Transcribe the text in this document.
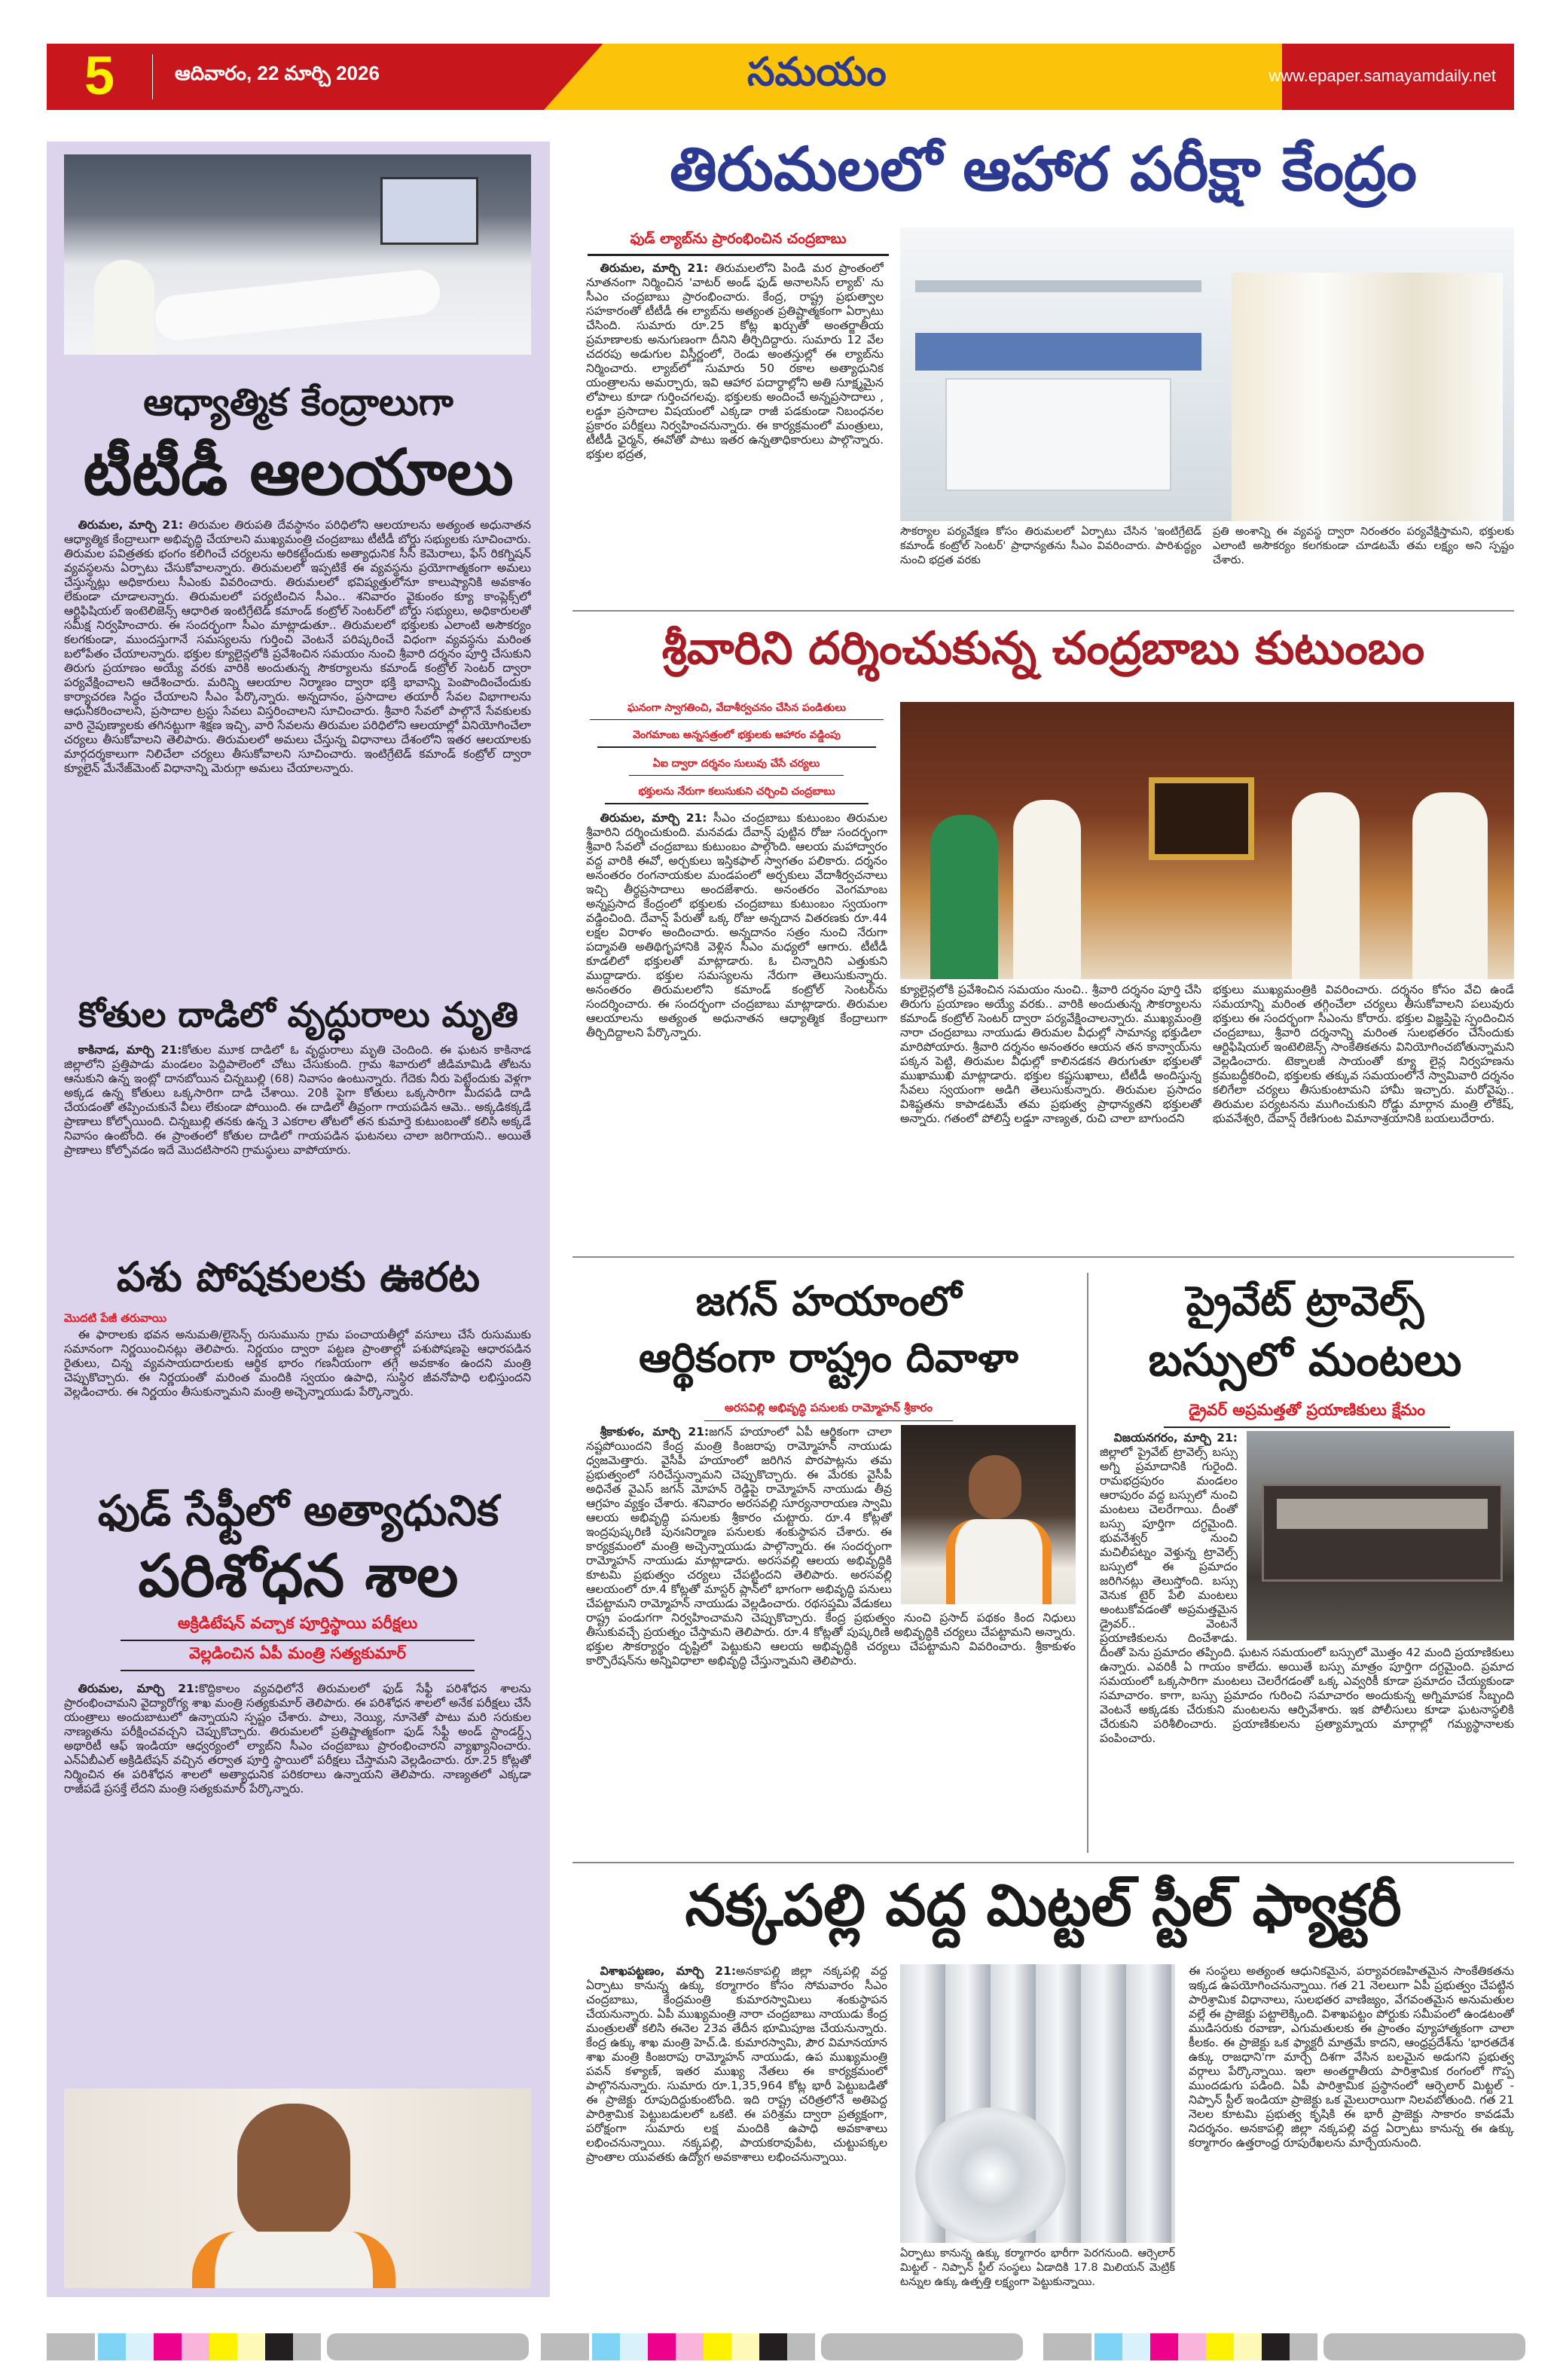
5	ఆదివారం, 22 మార్చి 2026	సమయం	www.epaper.samayamdaily.net
ఆధ్యాత్మిక కేంద్రాలుగా
టీటీడీ ఆలయాలు

తిరుమల, మార్చి 21: తిరుమల తిరుపతి దేవస్థానం పరిధిలోని ఆలయాలను అత్యంత అధునాతన ఆధ్యాత్మిక కేంద్రాలుగా అభివృద్ధి చేయాలని ముఖ్యమంత్రి చంద్రబాబు టీటీడీ బోర్డు సభ్యులకు సూచించారు. తిరుమల పవిత్రతకు భంగం కలిగించే చర్యలను అరికట్టేందుకు అత్యాధునిక సీసీ కెమెరాలు, ఫేస్ రికగ్నిషన్ వ్యవస్థలను ఏర్పాటు చేసుకోవాలన్నారు. తిరుమలలో ఇప్పటికే ఈ వ్యవస్థను ప్రయోగాత్మకంగా అమలు చేస్తున్నట్లు అధికారులు సీఎంకు వివరించారు. తిరుమలలో భవిష్యత్తులోనూ కాలుష్యానికి అవకాశం లేకుండా చూడాలన్నారు. తిరుమలలో పర్యటించిన సీఎం.. శనివారం వైకుంఠం క్యూ కాంప్లెక్స్‌లో ఆర్టిఫిషియల్ ఇంటెలిజెన్స్ ఆధారిత ఇంటిగ్రేటెడ్ కమాండ్ కంట్రోల్ సెంటర్‌లో బోర్డు సభ్యులు, అధికారులతో సమీక్ష నిర్వహించారు. ఈ సందర్భంగా సీఎం మాట్లాడుతూ.. తిరుమలలో భక్తులకు ఎలాంటి అసౌకర్యం కలగకుండా, ముందస్తుగానే సమస్యలను గుర్తించి వెంటనే పరిష్కరించే విధంగా వ్యవస్థను మరింత బలోపేతం చేయాలన్నారు. భక్తుల క్యూలైన్లలోకి ప్రవేశించిన సమయం నుంచి శ్రీవారి దర్శనం పూర్తి చేసుకుని తిరుగు ప్రయాణం అయ్యే వరకు వారికి అందుతున్న సౌకర్యాలను కమాండ్ కంట్రోల్ సెంటర్ ద్వారా పర్యవేక్షించాలని ఆదేశించారు. మరిన్ని ఆలయాల నిర్మాణం ద్వారా భక్తి భావాన్ని పెంపొందించేందుకు కార్యాచరణ సిద్ధం చేయాలని సీఎం పేర్కొన్నారు. అన్నదానం, ప్రసాదాల తయారీ సేవల విభాగాలను ఆధునీకరించాలని, ప్రసాదాల ట్రస్టు సేవలు విస్తరించాలని సూచించారు. శ్రీవారి సేవలో పాల్గొనే సేవకులకు వారి నైపుణ్యాలకు తగినట్టుగా శిక్షణ ఇచ్చి, వారి సేవలను తిరుమల పరిధిలోని ఆలయాల్లో వినియోగించేలా చర్యలు తీసుకోవాలని తెలిపారు. తిరుమలలో అమలు చేస్తున్న విధానాలు దేశంలోని ఇతర ఆలయాలకు మార్గదర్శకాలుగా నిలిచేలా చర్యలు తీసుకోవాలని సూచించారు. ఇంటిగ్రేటెడ్ కమాండ్ కంట్రోల్ ద్వారా క్యూలైన్ మేనేజ్‌మెంట్ విధానాన్ని మెరుగ్గా అమలు చేయాలన్నారు.

కోతుల దాడిలో వృద్ధురాలు మృతి

కాకినాడ, మార్చి 21:కోతుల మూక దాడిలో ఓ వృద్ధురాలు మృతి చెందింది. ఈ ఘటన కాకినాడ జిల్లాలోని ప్రత్తిపాడు మండలం పెద్దిపాలెంలో చోటు చేసుకుంది. గ్రామ శివారులో జీడిమామిడి తోటను ఆనుకుని ఉన్న ఇంట్లో దానబోయిన చిన్నబుల్లి (68) నివాసం ఉంటున్నారు. గేదెకు నీరు పెట్టేందుకు వెళ్లగా అక్కడ ఉన్న కోతులు ఒక్కసారిగా దాడి చేశాయి. 20కి పైగా కోతులు ఒక్కసారిగా మీదపడి దాడి చేయడంతో తప్పించుకునే వీలు లేకుండా పోయింది. ఈ దాడిలో తీవ్రంగా గాయపడిన ఆమె.. అక్కడికక్కడే ప్రాణాలు కోల్పోయింది. చిన్నబుల్లి తనకు ఉన్న 3 ఎకరాల తోటలో తన కుమార్తె కుటుంబంతో కలిసి అక్కడే నివాసం ఉంటోంది. ఈ ప్రాంతంలో కోతుల దాడిలో గాయపడిన ఘటనలు చాలా జరిగాయని.. అయితే ప్రాణాలు కోల్పోవడం ఇదే మొదటిసారని గ్రామస్థులు వాపోయారు.

పశు పోషకులకు ఊరట
మొదటి పేజీ తరువాయి

ఈ ఫారాలకు భవన అనుమతి/లైసెన్స్ రుసుమును గ్రామ పంచాయతీల్లో వసూలు చేసే రుసుముకు సమానంగా నిర్ణయించినట్లు తెలిపారు. నిర్ణయం ద్వారా పట్టణ ప్రాంతాల్లో పశుపోషణపై ఆధారపడిన రైతులు, చిన్న వ్యవసాయదారులకు ఆర్థిక భారం గణనీయంగా తగ్గే అవకాశం ఉందని మంత్రి చెప్పుకొచ్చారు. ఈ నిర్ణయంతో మరింత మందికి స్వయం ఉపాధి, సుస్థిర జీవనోపాధి లభిస్తుందని వెల్లడించారు. ఈ నిర్ణయం తీసుకున్నామని మంత్రి అచ్చెన్నాయుడు పేర్కొన్నారు.

ఫుడ్ సేఫ్టీలో అత్యాధునిక
పరిశోధన శాల
అక్రిడిటేషన్ వచ్చాక పూర్తిస్థాయి పరీక్షలు
వెల్లడించిన ఏపీ మంత్రి సత్యకుమార్

తిరుమల, మార్చి 21:కొద్దికాలం వ్యవధిలోనే తిరుమలలో ఫుడ్ సేఫ్టీ పరిశోధన శాలను ప్రారంభించామని వైద్యారోగ్య శాఖ మంత్రి సత్యకుమార్ తెలిపారు. ఈ పరిశోధన శాలలో అనేక పరీక్షలు చేసే యంత్రాలు అందుబాటులో ఉన్నాయని స్పష్టం చేశారు. పాలు, నెయ్యి, నూనెతో పాటు మరి సరుకుల నాణ్యతను పరీక్షించవచ్చని చెప్పుకొచ్చారు. తిరుమలలో ప్రతిష్టాత్మకంగా ఫుడ్ సేఫ్టీ అండ్ స్టాండర్డ్స్ అథారిటీ ఆఫ్ ఇండియా ఆధ్వర్యంలో ల్యాబ్‌ని సీఎం చంద్రబాబు ప్రారంభించారని వ్యాఖ్యానించారు. ఎన్ఏబీఎల్ అక్రిడిటేషన్ వచ్చిన తర్వాత పూర్తి స్థాయిలో పరీక్షలు చేస్తామని వెల్లడించారు. రూ.25 కోట్లతో నిర్మించిన ఈ పరిశోధన శాలలో అత్యాధునిక పరికరాలు ఉన్నాయని తెలిపారు. నాణ్యతలో ఎక్కడా రాజీపడే ప్రసక్తే లేదని మంత్రి సత్యకుమార్ పేర్కొన్నారు.

తిరుమలలో ఆహార పరీక్షా కేంద్రం
ఫుడ్ ల్యాబ్‌ను ప్రారంభించిన చంద్రబాబు

తిరుమల, మార్చి 21: తిరుమలలోని పిండి మర ప్రాంతంలో నూతనంగా నిర్మించిన 'వాటర్ అండ్ ఫుడ్ అనాలసిస్ ల్యాబ్' ను సీఎం చంద్రబాబు ప్రారంభించారు. కేంద్ర, రాష్ట్ర ప్రభుత్వాల సహకారంతో టీటీడీ ఈ ల్యాబ్‌ను అత్యంత ప్రతిష్టాత్మకంగా ఏర్పాటు చేసింది. సుమారు రూ.25 కోట్ల ఖర్చుతో అంతర్జాతీయ ప్రమాణాలకు అనుగుణంగా దీనిని తీర్చిదిద్దారు. సుమారు 12 వేల చదరపు అడుగుల విస్తీర్ణంలో, రెండు అంతస్తుల్లో ఈ ల్యాబ్‌ను నిర్మించారు. ల్యాబ్‌లో సుమారు 50 రకాల అత్యాధునిక యంత్రాలను అమర్చారు, ఇవి ఆహార పదార్థాల్లోని అతి సూక్ష్మమైన లోపాలు కూడా గుర్తించగలవు. భక్తులకు అందించే అన్నప్రసాదాలు , లడ్డూ ప్రసాదాల విషయంలో ఎక్కడా రాజీ పడకుండా నిబంధనల ప్రకారం పరీక్షలు నిర్వహించనున్నారు. ఈ కార్యక్రమంలో మంత్రులు, టీటీడీ ఛైర్మన్, ఈవోతో పాటు ఇతర ఉన్నతాధికారులు పాల్గొన్నారు. భక్తుల భద్రత,

సౌకర్యాల పర్యవేక్షణ కోసం తిరుమలలో ఏర్పాటు చేసిన 'ఇంటిగ్రేటెడ్ కమాండ్ కంట్రోల్ సెంటర్' ప్రాధాన్యతను సీఎం వివరించారు. పారిశుద్ధ్యం నుంచి భద్రత వరకు

ప్రతి అంశాన్ని ఈ వ్యవస్థ ద్వారా నిరంతరం పర్యవేక్షిస్తామని, భక్తులకు ఎలాంటి అసౌకర్యం కలగకుండా చూడటమే తమ లక్ష్యం అని స్పష్టం చేశారు.

శ్రీవారిని దర్శించుకున్న చంద్రబాబు కుటుంబం
ఘనంగా స్వాగతించి, వేదాశీర్వచనం చేసిన పండితులు
వెంగమాంబ అన్నసత్రంలో భక్తులకు ఆహారం వడ్డింపు
ఏఐ ద్వారా దర్శనం సులువు చేసే చర్యలు
భక్తులను నేరుగా కలుసుకుని చర్చించి చంద్రబాబు

తిరుమల, మార్చి 21: సీఎం చంద్రబాబు కుటుంబం తిరుమల శ్రీవారిని దర్శించుకుంది. మనవడు దేవాన్ష్ పుట్టిన రోజు సందర్భంగా శ్రీవారి సేవలో చంద్రబాబు కుటుంబం పాల్గొంది. ఆలయ మహాద్వారం వద్ద వారికి ఈవో, అర్చకులు ఇస్తికఫాల్ స్వాగతం పలికారు. దర్శనం అనంతరం రంగనాయకుల మండపంలో అర్చకులు వేదాశీర్వచనాలు ఇచ్చి తీర్థప్రసాదాలు అందజేశారు. అనంతరం వెంగమాంబ అన్నప్రసాద కేంద్రంలో భక్తులకు చంద్రబాబు కుటుంబం స్వయంగా వడ్డించింది. దేవాన్ష్ పేరుతో ఒక్క రోజు అన్నదాన వితరణకు రూ.44 లక్షల విరాళం అందించారు. అన్నదానం సత్రం నుంచి నేరుగా పద్మావతి అతిథిగృహానికి వెళ్లిన సీఎం మధ్యలో ఆగారు. టీటీడీ కూడలిలో భక్తులతో మాట్లాడారు. ఓ చిన్నారిని ఎత్తుకుని ముద్దాడారు. భక్తుల సమస్యలను నేరుగా తెలుసుకున్నారు. అనంతరం తిరుమలలోని కమాండ్ కంట్రోల్ సెంటర్‌ను సందర్శించారు. ఈ సందర్భంగా చంద్రబాబు మాట్లాడారు. తిరుమల ఆలయాలను అత్యంత అధునాతన ఆధ్యాత్మిక కేంద్రాలుగా తీర్చిదిద్దాలని పేర్కొన్నారు.

క్యూలైన్లలోకి ప్రవేశించిన సమయం నుంచి.. శ్రీవారి దర్శనం పూర్తి చేసి తిరుగు ప్రయాణం అయ్యే వరకు.. వారికి అందుతున్న సౌకర్యాలను కమాండ్ కంట్రోల్ సెంటర్ ద్వారా పర్యవేక్షించాలన్నారు. ముఖ్యమంత్రి నారా చంద్రబాబు నాయుడు తిరుమల వీధుల్లో సామాన్య భక్తుడిలా మారిపోయారు. శ్రీవారి దర్శనం అనంతరం ఆయన తన కాన్వాయ్‌ను పక్కన పెట్టి, తిరుమల వీధుల్లో కాలినడకన తిరుగుతూ భక్తులతో ముఖాముఖి మాట్లాడారు. భక్తుల కష్టసుఖాలు, టీటీడీ అందిస్తున్న సేవలు స్వయంగా అడిగి తెలుసుకున్నారు. తిరుమల ప్రసాదం విశిష్టతను కాపాడటమే తమ ప్రభుత్వ ప్రాధాన్యతని భక్తులతో అన్నారు. గతంలో పోలిస్తే లడ్డూ నాణ్యత, రుచి చాలా బాగుందని

భక్తులు ముఖ్యమంత్రికి వివరించారు. దర్శనం కోసం వేచి ఉండే సమయాన్ని మరింత తగ్గించేలా చర్యలు తీసుకోవాలని పలువురు భక్తులు ఈ సందర్భంగా సీఎంను కోరారు. భక్తుల విజ్ఞప్తిపై స్పందించిన చంద్రబాబు, శ్రీవారి దర్శనాన్ని మరింత సులభతరం చేసేందుకు ఆర్టిఫిషియల్ ఇంటెలిజెన్స్ సాంకేతికతను వినియోగించబోతున్నామని వెల్లడించారు. టెక్నాలజీ సాయంతో క్యూ లైన్ల నిర్వహణను క్రమబద్ధీకరించి, భక్తులకు తక్కువ సమయంలోనే స్వామివారి దర్శనం కలిగేలా చర్యలు తీసుకుంటామని హామీ ఇచ్చారు. మరోవైపు.. తిరుమల పర్యటనను ముగించుకుని రోడ్డు మార్గాన మంత్రి లోకేష్, భువనేశ్వరి, దేవాన్ష్ రేణిగుంట విమానాశ్రయానికి బయలుదేరారు.

జగన్ హయాంలో
ఆర్థికంగా రాష్ట్రం దివాళా
అరసవిల్లి అభివృద్ధి పనులకు రామ్మోహన్ శ్రీకారం

శ్రీకాకుళం, మార్చి 21:జగన్ హయాంలో ఏపీ ఆర్థికంగా చాలా నష్టపోయిందని కేంద్ర మంత్రి కింజరాపు రామ్మోహన్ నాయుడు ధ్వజమెత్తారు. వైసీపీ హయాంలో జరిగిన పొరపాట్లను తమ ప్రభుత్వంలో సరిచేస్తున్నామని చెప్పుకొచ్చారు. ఈ మేరకు వైసీపీ అధినేత వైఎస్ జగన్ మోహన్ రెడ్డిపై రామ్మోహన్ నాయుడు తీవ్ర ఆగ్రహం వ్యక్తం చేశారు. శనివారం అరసవల్లి సూర్యనారాయణ స్వామి ఆలయ అభివృద్ధి పనులకు శ్రీకారం చుట్టారు. రూ.4 కోట్లతో ఇంద్రపుష్కరిణి పునఃనిర్మాణ పనులకు శంకుస్థాపన చేశారు. ఈ కార్యక్రమంలో మంత్రి అచ్చెన్నాయుడు పాల్గొన్నారు. ఈ సందర్భంగా రామ్మోహన్ నాయుడు మాట్లాడారు. అరసవల్లి ఆలయ అభివృద్ధికి కూటమి ప్రభుత్వం చర్యలు చేపట్టిందని తెలిపారు. అరసవల్లి ఆలయంలో రూ.4 కోట్లతో మాస్టర్ ప్లాన్‌లో భాగంగా అభివృద్ధి పనులు చేపట్టామని రామ్మోహన్ నాయుడు వెల్లడించారు. రథసప్తమి వేడుకలు రాష్ట్ర పండుగగా నిర్వహించామని చెప్పుకొచ్చారు. కేంద్ర ప్రభుత్వం నుంచి ప్రసాద్ పథకం కింద నిధులు తీసుకువచ్చే ప్రయత్నం చేస్తామని తెలిపారు. రూ.4 కోట్లతో పుష్కరిణి అభివృద్ధికి చర్యలు చేపట్టామని అన్నారు. భక్తుల సౌకర్యార్థం దృష్టిలో పెట్టుకుని ఆలయ అభివృద్ధికి చర్యలు చేపట్టామని వివరించారు. శ్రీకాకుళం కార్పొరేషన్‌ను అన్నివిధాలా అభివృద్ధి చేస్తున్నామని తెలిపారు.

ప్రైవేట్ ట్రావెల్స్
బస్సులో మంటలు
డ్రైవర్ అప్రమత్తతో ప్రయాణికులు క్షేమం

విజయనగరం, మార్చి 21: జిల్లాలో ప్రైవేట్ ట్రావెల్స్ బస్సు అగ్ని ప్రమాదానికి గురైంది. రామభద్రపురం మండలం ఆరాపురం వద్ద బస్సులో నుంచి మంటలు చెలరేగాయి. దీంతో బస్సు పూర్తిగా దగ్ధమైంది. భువనేశ్వర్ నుంచి మచిలీపట్నం వెళ్తున్న ట్రావెల్స్ బస్సులో ఈ ప్రమాదం జరిగినట్లు తెలుస్తోంది. బస్సు వెనుక టైర్ పేలి మంటలు అంటుకోవడంతో అప్రమత్తమైన డ్రైవర్.. వెంటనే ప్రయాణికులను దించేశాడు. దీంతో పెను ప్రమాదం తప్పింది. ఘటన సమయంలో బస్సులో మొత్తం 42 మంది ప్రయాణికులు ఉన్నారు. ఎవరికీ ఏ గాయం కాలేదు. అయితే బస్సు మాత్రం పూర్తిగా దగ్ధమైంది. ప్రమాద సమయంలో ఒక్కసారిగా మంటలు చెలరేగడంతో ఒక్క ఎవ్వరికీ కూడా ప్రమాదం చేయ్యకుండా సమాచారం. కాగా, బస్సు ప్రమాదం గురించి సమాచారం అందుకున్న అగ్నిమాపక సిబ్బంది వెంటనే అక్కడకు చేరుకుని మంటలను ఆర్పివేశారు. ఇక పోలీసులు కూడా ఘటనాస్థలికి చేరుకుని పరిశీలించారు. ప్రయాణికులను ప్రత్యామ్నాయ మార్గాల్లో గమ్యస్థానాలకు పంపించారు.

నక్కపల్లి వద్ద మిట్టల్ స్టీల్ ఫ్యాక్టరీ

విశాఖపట్టణం, మార్చి 21:అనకాపల్లి జిల్లా నక్కపల్లి వద్ద ఏర్పాటు కానున్న ఉక్కు కర్మాగారం కోసం సోమవారం సీఎం చంద్రబాబు, కేంద్రమంత్రి కుమారస్వామిలు శంకుస్థాపన చేయనున్నారు. ఏపీ ముఖ్యమంత్రి నారా చంద్రబాబు నాయుడు కేంద్ర మంత్రులతో కలిసి ఈనెల 23వ తేదీన భూమిపూజ చేయనున్నారు. కేంద్ర ఉక్కు శాఖ మంత్రి హెచ్.డి. కుమారస్వామి, పౌర విమానయాన శాఖ మంత్రి కింజరాపు రామ్మోహన్ నాయుడు, ఉప ముఖ్యమంత్రి పవన్ కళ్యాణ్, ఇతర ముఖ్య నేతలు ఈ కార్యక్రమంలో పాల్గొననున్నారు. సుమారు రూ.1,35,964 కోట్ల భారీ పెట్టుబడితో ఈ ప్రాజెక్టు రూపుదిద్దుకుంటోంది. ఇది రాష్ట్ర చరిత్రలోనే అతిపెద్ద పారిశ్రామిక పెట్టుబడులలో ఒకటి. ఈ పరిశ్రమ ద్వారా ప్రత్యక్షంగా, పరోక్షంగా సుమారు లక్ష మందికి ఉపాధి అవకాశాలు లభించనున్నాయి. నక్కపల్లి, పాయకరావుపేట, చుట్టుపక్కల ప్రాంతాల యువతకు ఉద్యోగ అవకాశాలు లభించనున్నాయి.

ఏర్పాటు కానున్న ఉక్కు కర్మాగారం భారీగా పెరగనుంది. ఆర్సెలార్ మిట్టల్ - నిప్పాన్ స్టీల్ సంస్థలు ఏడాదికి 17.8 మిలియన్ మెట్రిక్ టన్నుల ఉక్కు ఉత్పత్తి లక్ష్యంగా పెట్టుకున్నాయి.

ఈ సంస్థలు అత్యంత ఆధునికమైన, పర్యావరణహితమైన సాంకేతికతను ఇక్కడ ఉపయోగించనున్నాయి. గత 21 నెలలుగా ఏపీ ప్రభుత్వం చేపట్టిన పారిశ్రామిక విధానాలు, సులభతర వాణిజ్యం, వేగవంతమైన అనుమతుల వల్లే ఈ ప్రాజెక్టు పట్టాలెక్కింది. విశాఖపట్టం పోర్టుకు సమీపంలో ఉండటంతో ముడిసరుకు రవాణా, ఎగుమతులకు ఈ ప్రాంతం వ్యూహాత్మకంగా చాలా కీలకం. ఈ ప్రాజెక్టు ఒక ఫ్యాక్టరీ మాత్రమే కాదని, ఆంధ్రప్రదేశ్‌ను 'భారతదేశ ఉక్కు రాజధాని'గా మార్చే దిశగా వేసిన బలమైన అడుగని ప్రభుత్వ వర్గాలు పేర్కొన్నాయి. ఇలా అంతర్జాతీయ పారిశ్రామిక రంగంలో గొప్ప ముందడుగు పడింది. ఏపీ పారిశ్రామిక ప్రస్థానంలో ఆర్సెలార్ మిట్టల్ - నిప్పాన్ స్టీల్ ఇండియా ప్రాజెక్టు ఒక మైలురాయిగా నిలవబోతుంది. గత 21 నెలల కూటమి ప్రభుత్వ కృషికి ఈ భారీ ప్రాజెక్టు సాకారం కావడమే నిదర్శనం. అనకాపల్లి జిల్లా నక్కపల్లి వద్ద ఏర్పాటు కానున్న ఈ ఉక్కు కర్మాగారం ఉత్తరాంధ్ర రూపురేఖలను మార్చేయనుంది.
